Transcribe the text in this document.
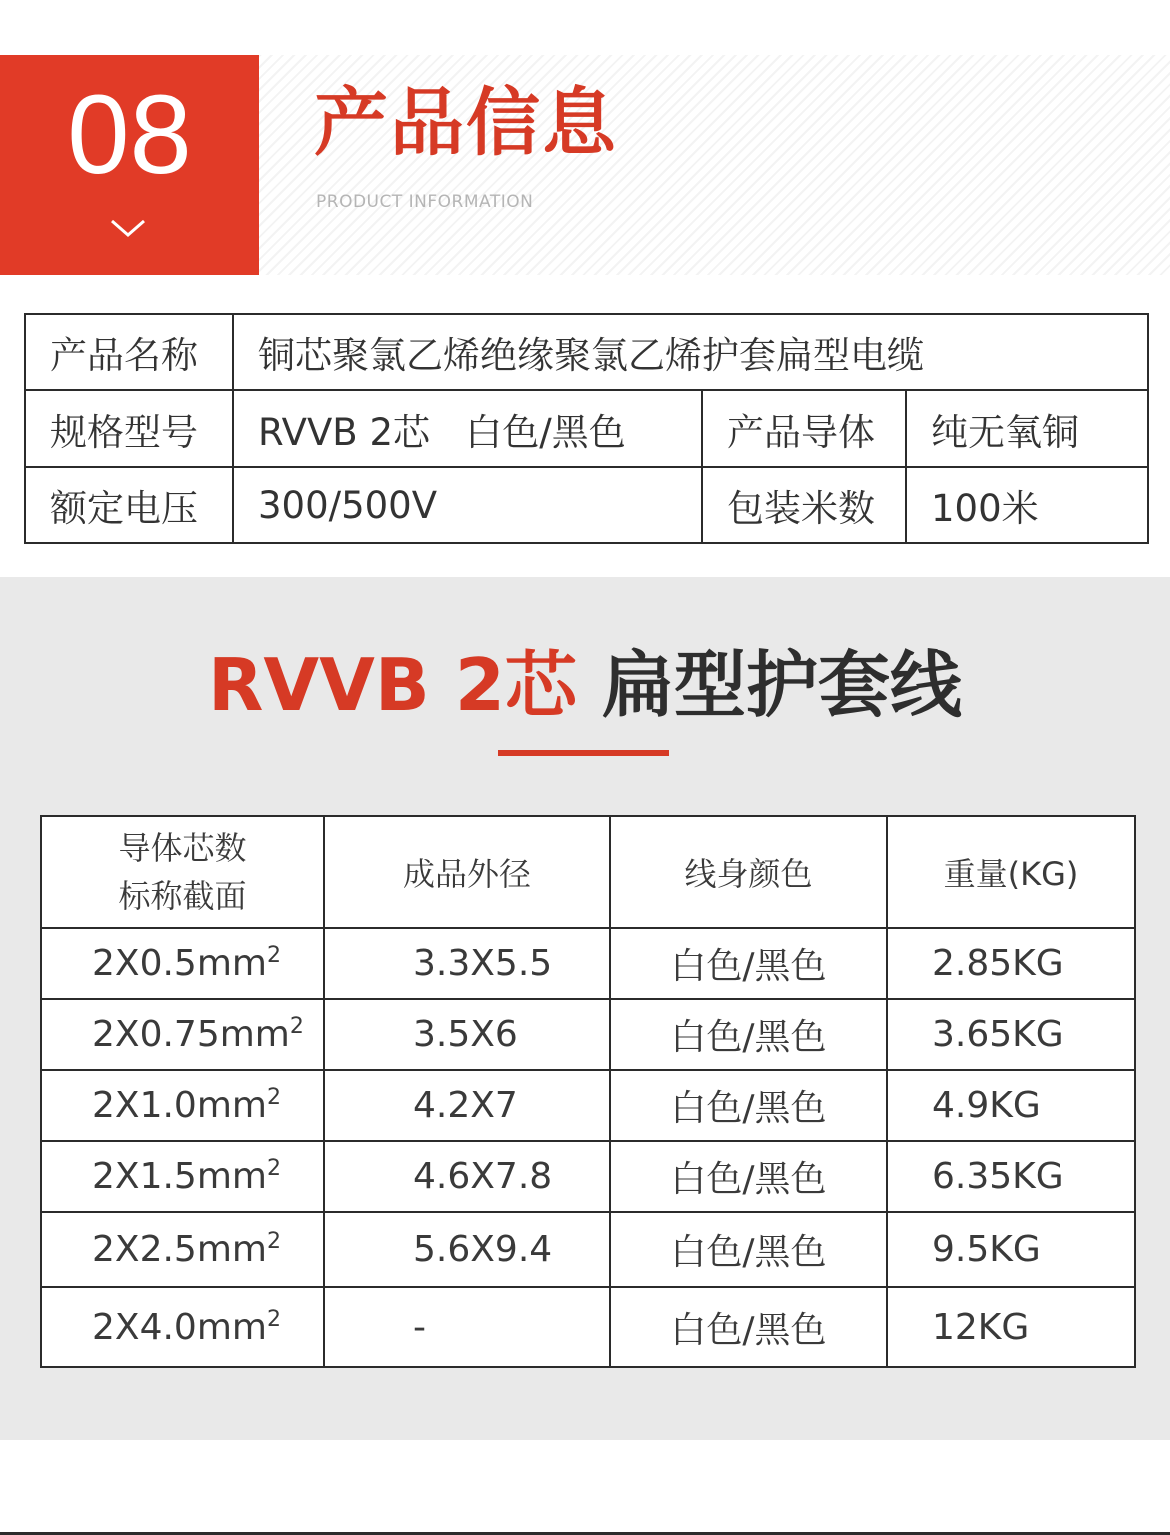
08	产品信息
PRODUCT INFORMATION
产品名称	铜芯聚氯乙烯绝缘聚氯乙烯护套扁型电缆		
规格型号	RVVB 2芯   白色/黑色	产品导体	纯无氧铜
额定电压	300/500V	包装米数	100米
RVVB 2芯 扁型护套线
导体芯数
标称截面	成品外径	线身颜色	重量(KG)
$2X0.5mm^2$	3.3X5.5	白色/黑色	2.85KG
$2X0.75mm^2$	3.5X6	白色/黑色	3.65KG
$2X1.0mm^2$	4.2X7	白色/黑色	4.9KG
$2X1.5mm^2$	4.6X7.8	白色/黑色	6.35KG
$2X2.5mm^2$	5.6X9.4	白色/黑色	9.5KG
$2X4.0mm^2$	-	白色/黑色	12KG
